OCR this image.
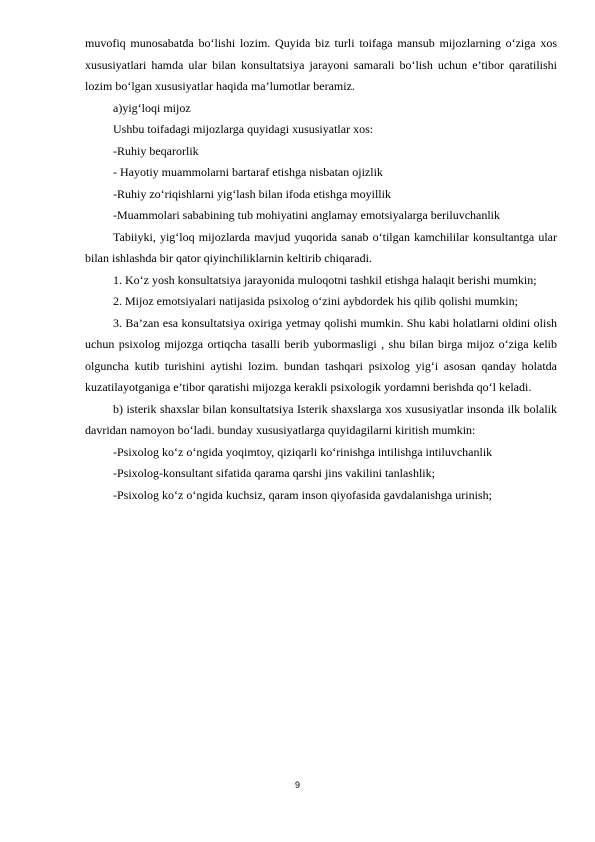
muvofiq munosabatda bo‘lishi lozim. Quyida biz turli toifaga mansub mijozlarning o‘ziga xos xususiyatlari hamda ular bilan konsultatsiya jarayoni samarali bo‘lish uchun e’tibor qaratilishi lozim bo‘lgan xususiyatlar haqida ma’lumotlar beramiz.

a)yig‘loqi mijoz

Ushbu toifadagi mijozlarga quyidagi xususiyatlar xos:

-Ruhiy beqarorlik

- Hayotiy muammolarni bartaraf etishga nisbatan ojizlik

-Ruhiy zo‘riqishlarni yig‘lash bilan ifoda etishga moyillik

-Muammolari sababining tub mohiyatini anglamay emotsiyalarga beriluvchanlik

Tabiiyki, yig‘loq mijozlarda mavjud yuqorida sanab o‘tilgan kamchililar konsultantga ular bilan ishlashda bir qator qiyinchiliklarnin keltirib chiqaradi.

1. Ko‘z yosh konsultatsiya jarayonida muloqotni tashkil etishga halaqit berishi mumkin;

2. Mijoz emotsiyalari natijasida psixolog o‘zini aybdordek his qilib qolishi mumkin;

3. Ba’zan esa konsultatsiya oxiriga yetmay qolishi mumkin. Shu kabi holatlarni oldini olish uchun psixolog mijozga ortiqcha tasalli berib yubormasligi , shu bilan birga mijoz o‘ziga kelib olguncha kutib turishini aytishi lozim. bundan tashqari psixolog yig‘i asosan qanday holatda kuzatilayotganiga e’tibor qaratishi mijozga kerakli psixologik yordamni berishda qo‘l keladi.

b) isterik shaxslar bilan konsultatsiya Isterik shaxslarga xos xususiyatlar insonda ilk bolalik davridan namoyon bo‘ladi. bunday xususiyatlarga quyidagilarni kiritish mumkin:

-Psixolog ko‘z o‘ngida yoqimtoy, qiziqarli ko‘rinishga intilishga intiluvchanlik

-Psixolog-konsultant sifatida qarama qarshi jins vakilini tanlashlik;

-Psixolog ko‘z o‘ngida kuchsiz, qaram inson qiyofasida gavdalanishga urinish;

9
